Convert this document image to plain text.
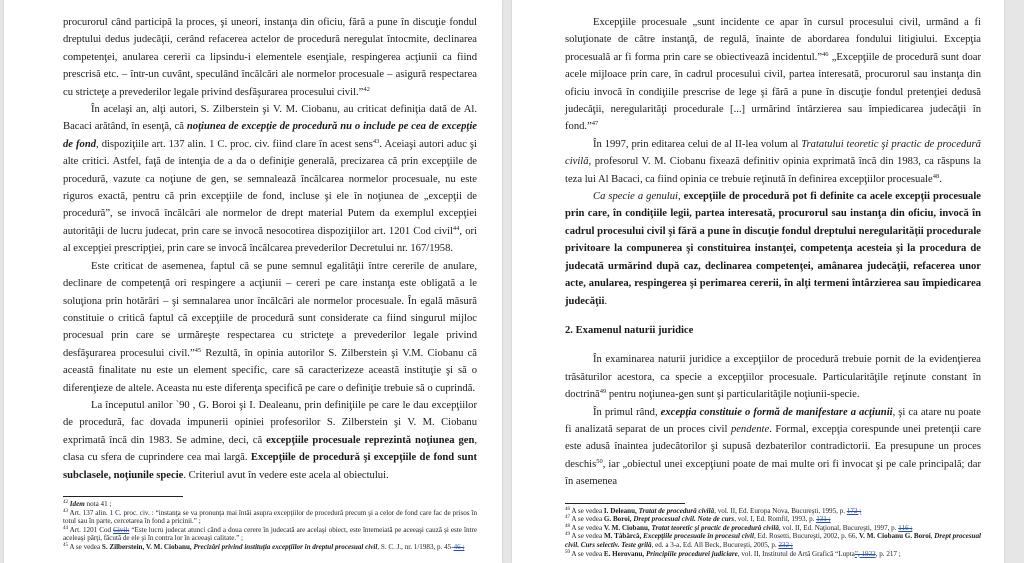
procurorul când participă la proces, şi uneori, instanţa din oficiu, fără a pune în discuţie fondul dreptului dedus judecăţii, cerând refacerea actelor de procedură neregulat întocmite, declinarea competenţei, anularea cererii ca lipsindu-i elementele esenţiale, respingerea acţiunii ca fiind prescrisă etc. – într-un cuvânt, speculând încălcări ale normelor procesuale – asigură respectarea cu stricteţe a prevederilor legale privind desfăşurarea procesului civil.”$^{42}$

În acelaşi an, alţi autori, S. Zilberstein şi V. M. Ciobanu, au criticat definiţia dată de Al. Bacaci arătând, în esenţă, că noţiunea de excepţie de procedură nu o include pe cea de excepţie de fond, dispoziţiile art. 137 alin. 1 C. proc. civ. fiind clare în acest sens$^{43}$. Aceiaşi autori aduc şi alte critici. Astfel, faţă de intenţia de a da o definiţie generală, precizarea că prin excepţiile de procedură, vazute ca noţiune de gen, se semnalează încălcarea normelor procesuale, nu este riguros exactă, pentru că prin excepţiile de fond, incluse şi ele în noţiunea de „excepţii de procedură”, se invocă încălcări ale normelor de drept material Putem da exemplul excepţiei autorităţii de lucru judecat, prin care se invocă nesocotirea dispoziţiilor art. 1201 Cod civil$^{44}$, ori al excepţiei prescripţiei, prin care se invocă încălcarea prevederilor Decretului nr. 167/1958.

Este criticat de asemenea, faptul că se pune semnul egalităţii între cererile de anulare, declinare de competenţă ori respingere a acţiunii – cereri pe care instanţa este obligată a le soluţiona prin hotărâri – şi semnalarea unor încălcări ale normelor procesuale. În egală măsură constituie o critică faptul că excepţiile de procedură sunt considerate ca fiind singurul mijloc procesual prin care se urmăreşte respectarea cu stricteţe a prevederilor legale privind desfăşurarea procesului civil.”$^{45}$ Rezultă, în opinia autorilor S. Zilberstein şi V.M. Ciobanu că această finalitate nu este un element specific, care să caracterizeze această instituţie şi să o diferenţieze de altele. Aceasta nu este diferenţa specifică pe care o definiţie trebuie să o cuprindă.

La începutul anilor `90 , G. Boroi şi I. Dealeanu, prin definiţiile pe care le dau excepţiilor de procedură, fac dovada impunerii opiniei profesorilor S. Zilberstein şi V. M. Ciobanu exprimată încă din 1983. Se admine, deci, că excepţiile procesuale reprezintă noţiunea gen, clasa cu sfera de cuprindere cea mai largă. Excepţiile de procedură şi excepţiile de fond sunt subclasele, noţiunile specie. Criteriul avut în vedere este acela al obiectului.

$^{42}$ Idem nota 41 ;

$^{43}$ Art. 137 alin. 1 C. proc. civ. : “instanţa se va pronunţa mai întâi asupra excepţiilor de procedură precum şi a celor de fond care fac de prisos în totul sau în parte, cercetarea în fond a pricinii.” ;

$^{44}$ Art. 1201 Cod Civil: “Este lucru judecat atunci când a doua cerere în judecată are acelaşi obiect, este întemeiată pe aceeaşi cauză şi este între aceleaşi părţi, făcută de ele şi în contra lor în aceeaşi calitate.” ;

$^{45}$ A se vedea S. Zilberstein, V. M. Ciobanu, Precizări privind instituţia excepţiilor în dreptul procesual civil, S. C. J., nr. 1/1983, p. 45-46 ;

Excepţiile procesuale „sunt incidente ce apar în cursul procesului civil, urmând a fi soluţionate de către instanţă, de regulă, înainte de abordarea fondului litigiului. Excepţia procesuală ar fi forma prin care se obiectivează incidentul.”$^{46}$ „Excepţiile de procedură sunt doar acele mijloace prin care, în cadrul procesului civil, partea interesată, procurorul sau instanţa din oficiu invocă în condiţiile prescrise de lege şi fără a pune în discuţie fondul pretenţiei dedusă judecăţii, neregularităţi procedurale [...] urmărind întârzierea sau împiedicarea judecăţii în fond.”$^{47}$

În 1997, prin editarea celui de al II-lea volum al Tratatului teoretic şi practic de procedură civilă, profesorul V. M. Ciobanu fixează definitiv opinia exprimată încă din 1983, ca răspuns la teza lui Al Bacaci, ca fiind opinia ce trebuie reţinută în definirea excepţiilor procesuale$^{48}$.

Ca specie a genului, excepţiile de procedură pot fi definite ca acele excepţii procesuale prin care, în condiţiile legii, partea interesată, procurorul sau instanţa din oficiu, invocă în cadrul procesului civil şi fără a pune în discuţie fondul dreptului neregularităţii procedurale privitoare la compunerea şi constituirea instanţei, competenţa acesteia şi la procedura de judecată urmărind după caz, declinarea competenţei, amânarea judecăţii, refacerea unor acte, anularea, respingerea şi perimarea cererii, în alţi termeni întârzierea sau împiedicarea judecăţii.

2. Examenul naturii juridice

În examinarea naturii juridice a excepţiilor de procedură trebuie pornit de la evidenţierea trăsăturilor acestora, ca specie a excepţiilor procesuale. Particularităţile reţinute constant în doctrină$^{49}$ pentru noţiunea-gen sunt şi particularităţile noţiunii-specie.

În primul rând, excepţia constituie o formă de manifestare a acţiunii, şi ca atare nu poate fi analizată separat de un proces civil pendente. Formal, excepţia corespunde unei pretenţii care este adusă înaintea judecătorilor şi supusă dezbaterilor contradictorii. Ea presupune un proces deschis$^{50}$, iar „obiectul unei excepţiuni poate de mai multe ori fi invocat şi pe cale principală; dar în asemenea

$^{46}$ A se vedea I. Deleanu, Tratat de procedură civilă, vol. II, Ed. Europa Nova, Bucureşti, 1995, p. 172 ;

$^{47}$ A se vedea G. Boroi, Drept procesual civil. Note de curs, vol. I, Ed. Romfil, 1993, p. 131 ;

$^{48}$ A se vedea V. M. Ciobanu, Tratat teoretic şi practic de procedură civilă, vol. II, Ed. Naţional, Bucureşti, 1997, p. 116 ;

$^{49}$ A se vedea M. Tăbârcă, Excepţiile procesuale în procesul civil, Ed. Rosetti, Bucureşti, 2002, p. 66, V. M. Ciobanu G. Boroi, Drept procesual civil. Curs selectiv. Teste grilă, ed. a 3-a, Ed. All Beck, Bucureşti, 2005, p. 232 ;

$^{50}$ A se vedea E. Herovanu, Principiile procedurei judiciare, vol. II, Institutul de Artă Grafică “Lupta”, 1932, p. 217 ;
